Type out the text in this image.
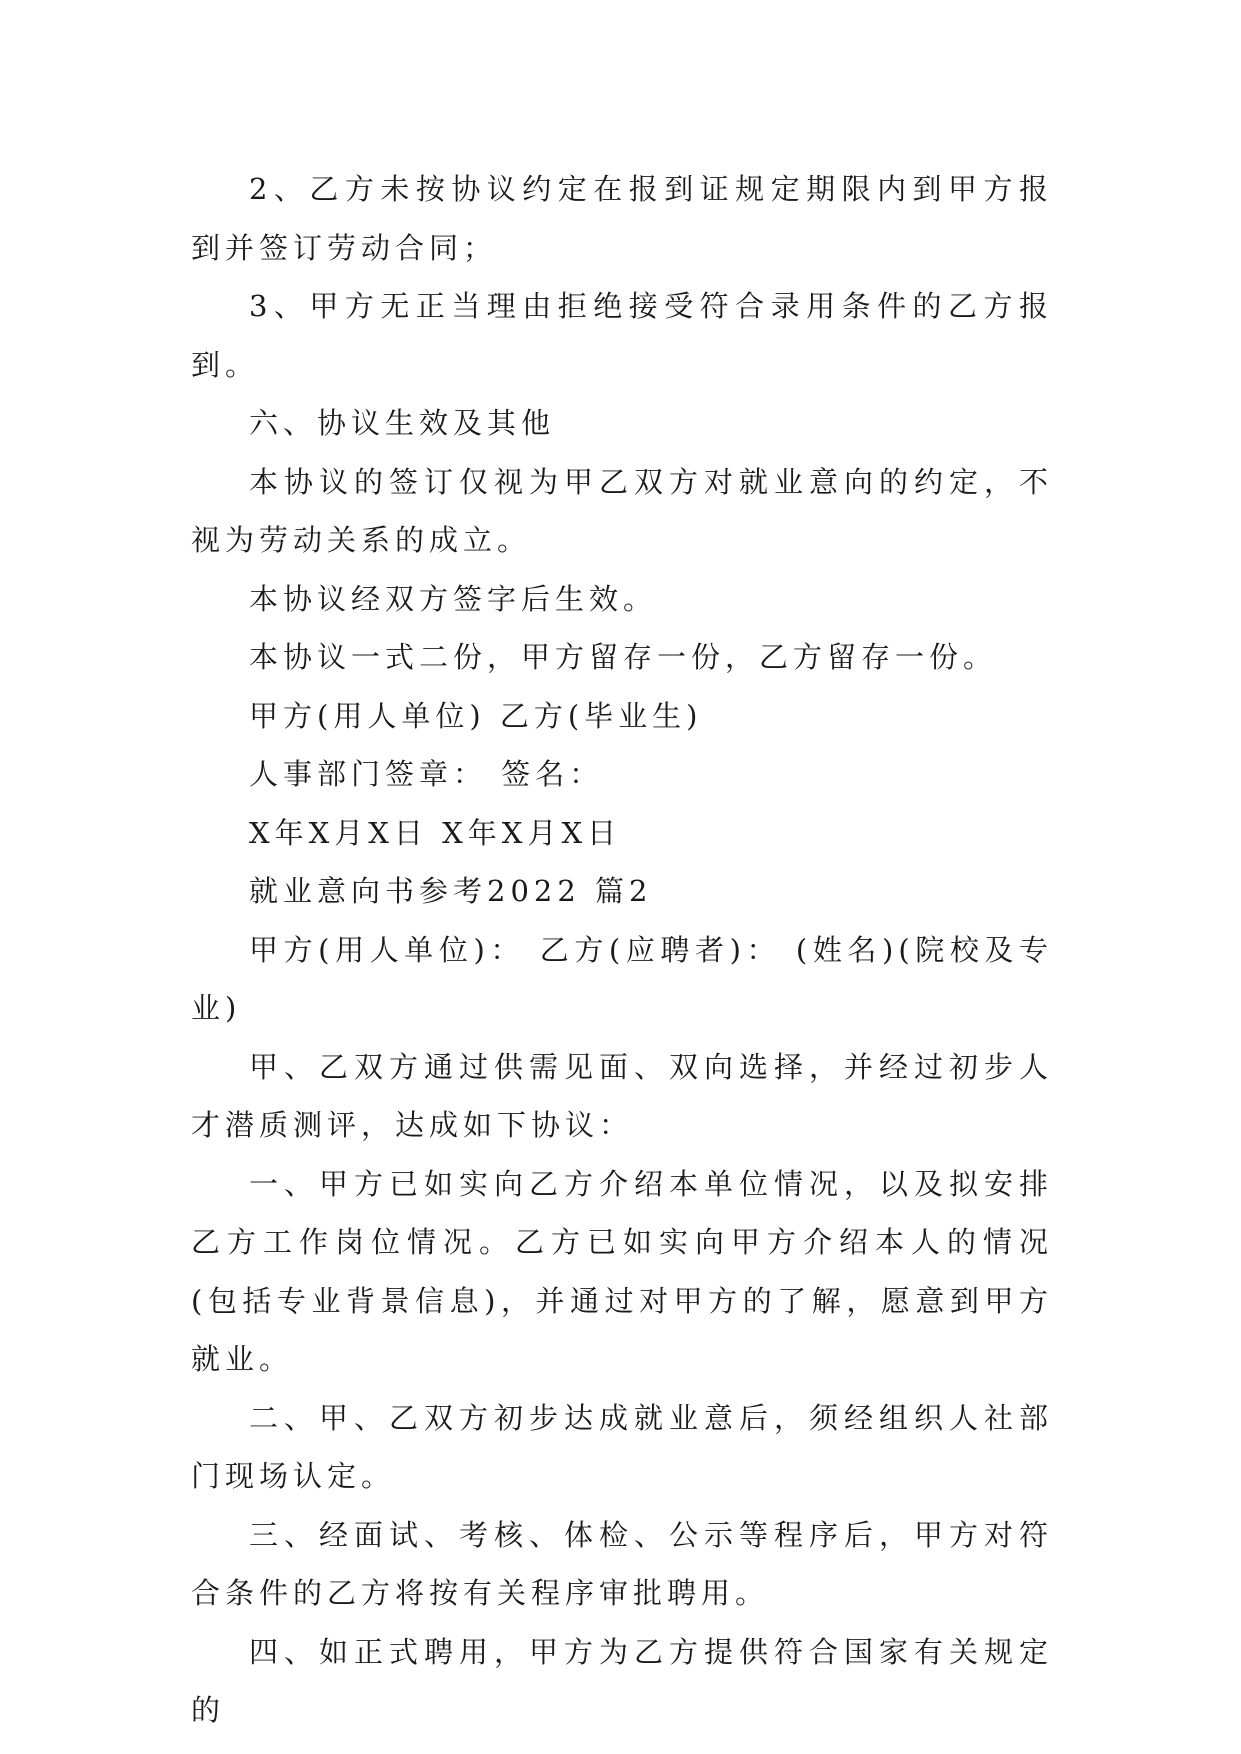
2、乙方未按协议约定在报到证规定期限内到甲方报到并签订劳动合同；

3、甲方无正当理由拒绝接受符合录用条件的乙方报到。

六、协议生效及其他

本协议的签订仅视为甲乙双方对就业意向的约定，不视为劳动关系的成立。

本协议经双方签字后生效。

本协议一式二份，甲方留存一份，乙方留存一份。

甲方(用人单位) 乙方(毕业生)

人事部门签章： 签名：

X年X月X日 X年X月X日

就业意向书参考2022 篇2

甲方(用人单位)： 乙方(应聘者)： (姓名)(院校及专业)

甲、乙双方通过供需见面、双向选择，并经过初步人才潜质测评，达成如下协议：

一、甲方已如实向乙方介绍本单位情况，以及拟安排乙方工作岗位情况。乙方已如实向甲方介绍本人的情况(包括专业背景信息)，并通过对甲方的了解，愿意到甲方就业。

二、甲、乙双方初步达成就业意后，须经组织人社部门现场认定。

三、经面试、考核、体检、公示等程序后，甲方对符合条件的乙方将按有关程序审批聘用。

四、如正式聘用，甲方为乙方提供符合国家有关规定的
